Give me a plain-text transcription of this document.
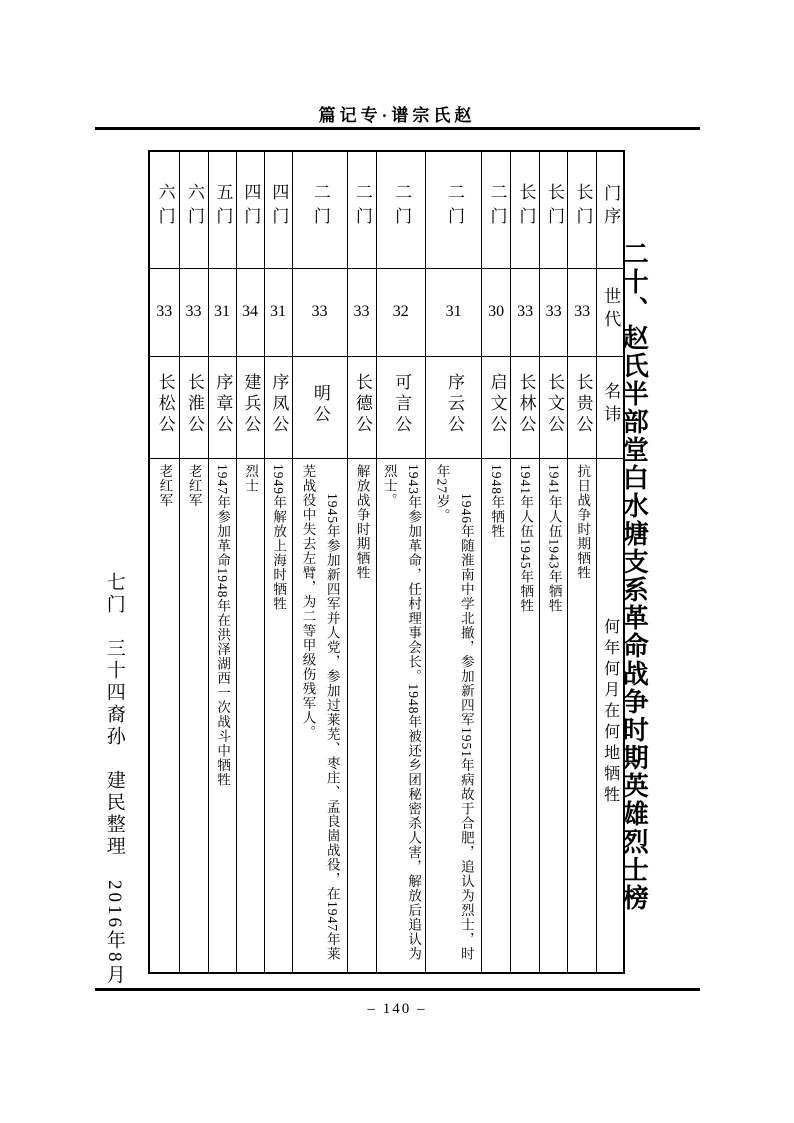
篇记专·谱宗氏赵
二十、赵氏半部堂白水塘支系革命战争时期英雄烈士榜
六门	六门	五门	四门	四门	二门	二门	二门	二门	二门	长门	长门	长门	门序
33	33	31	34	31	33	33	32	31	30	33	33	33	世代
长松公	长淮公	序章公	建兵公	序凤公	明公	长德公	可言公	序云公	启文公	长林公	长文公	长贵公	名讳
老红军	老红军	1947年参加革命1948年在洪泽湖西一次战斗中牺牲	烈士	1949年解放上海时牺牲	1945年参加新四军并人党，参加过莱芜、枣庄、孟良崮战役，在1947年莱芜战役中失去左臂，为二等甲级伤残军人。	解放战争时期牺牲	1943年参加革命，任村理事会长。1948年被还乡团秘密杀人害，解放后追认为烈士。	1946年随淮南中学北撤，参加新四军1951年病故于合肥，追认为烈士，时年27岁。	1948年牺牲	1941年人伍1945年牺牲	1941年人伍1943年牺牲	抗日战争时期牺牲	何年何月在何地牺牲
七门　三十四裔孙　建民整理　2016年8月
– 140 –
